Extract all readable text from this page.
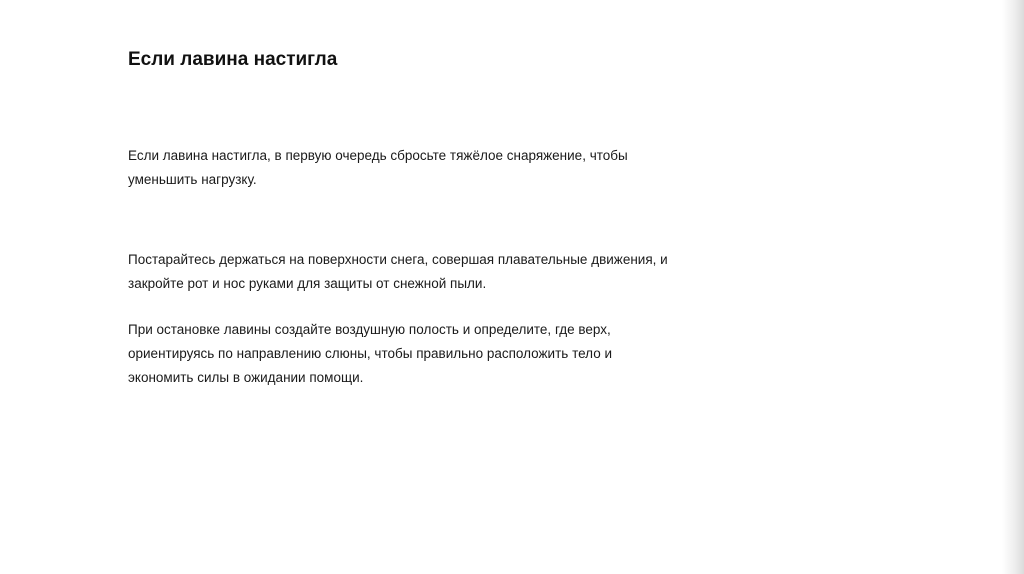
Если лавина настигла

Если лавина настигла, в первую очередь сбросьте тяжёлое снаряжение, чтобы
уменьшить нагрузку.

Постарайтесь держаться на поверхности снега, совершая плавательные движения, и
закройте рот и нос руками для защиты от снежной пыли.

При остановке лавины создайте воздушную полость и определите, где верх,
ориентируясь по направлению слюны, чтобы правильно расположить тело и
экономить силы в ожидании помощи.
